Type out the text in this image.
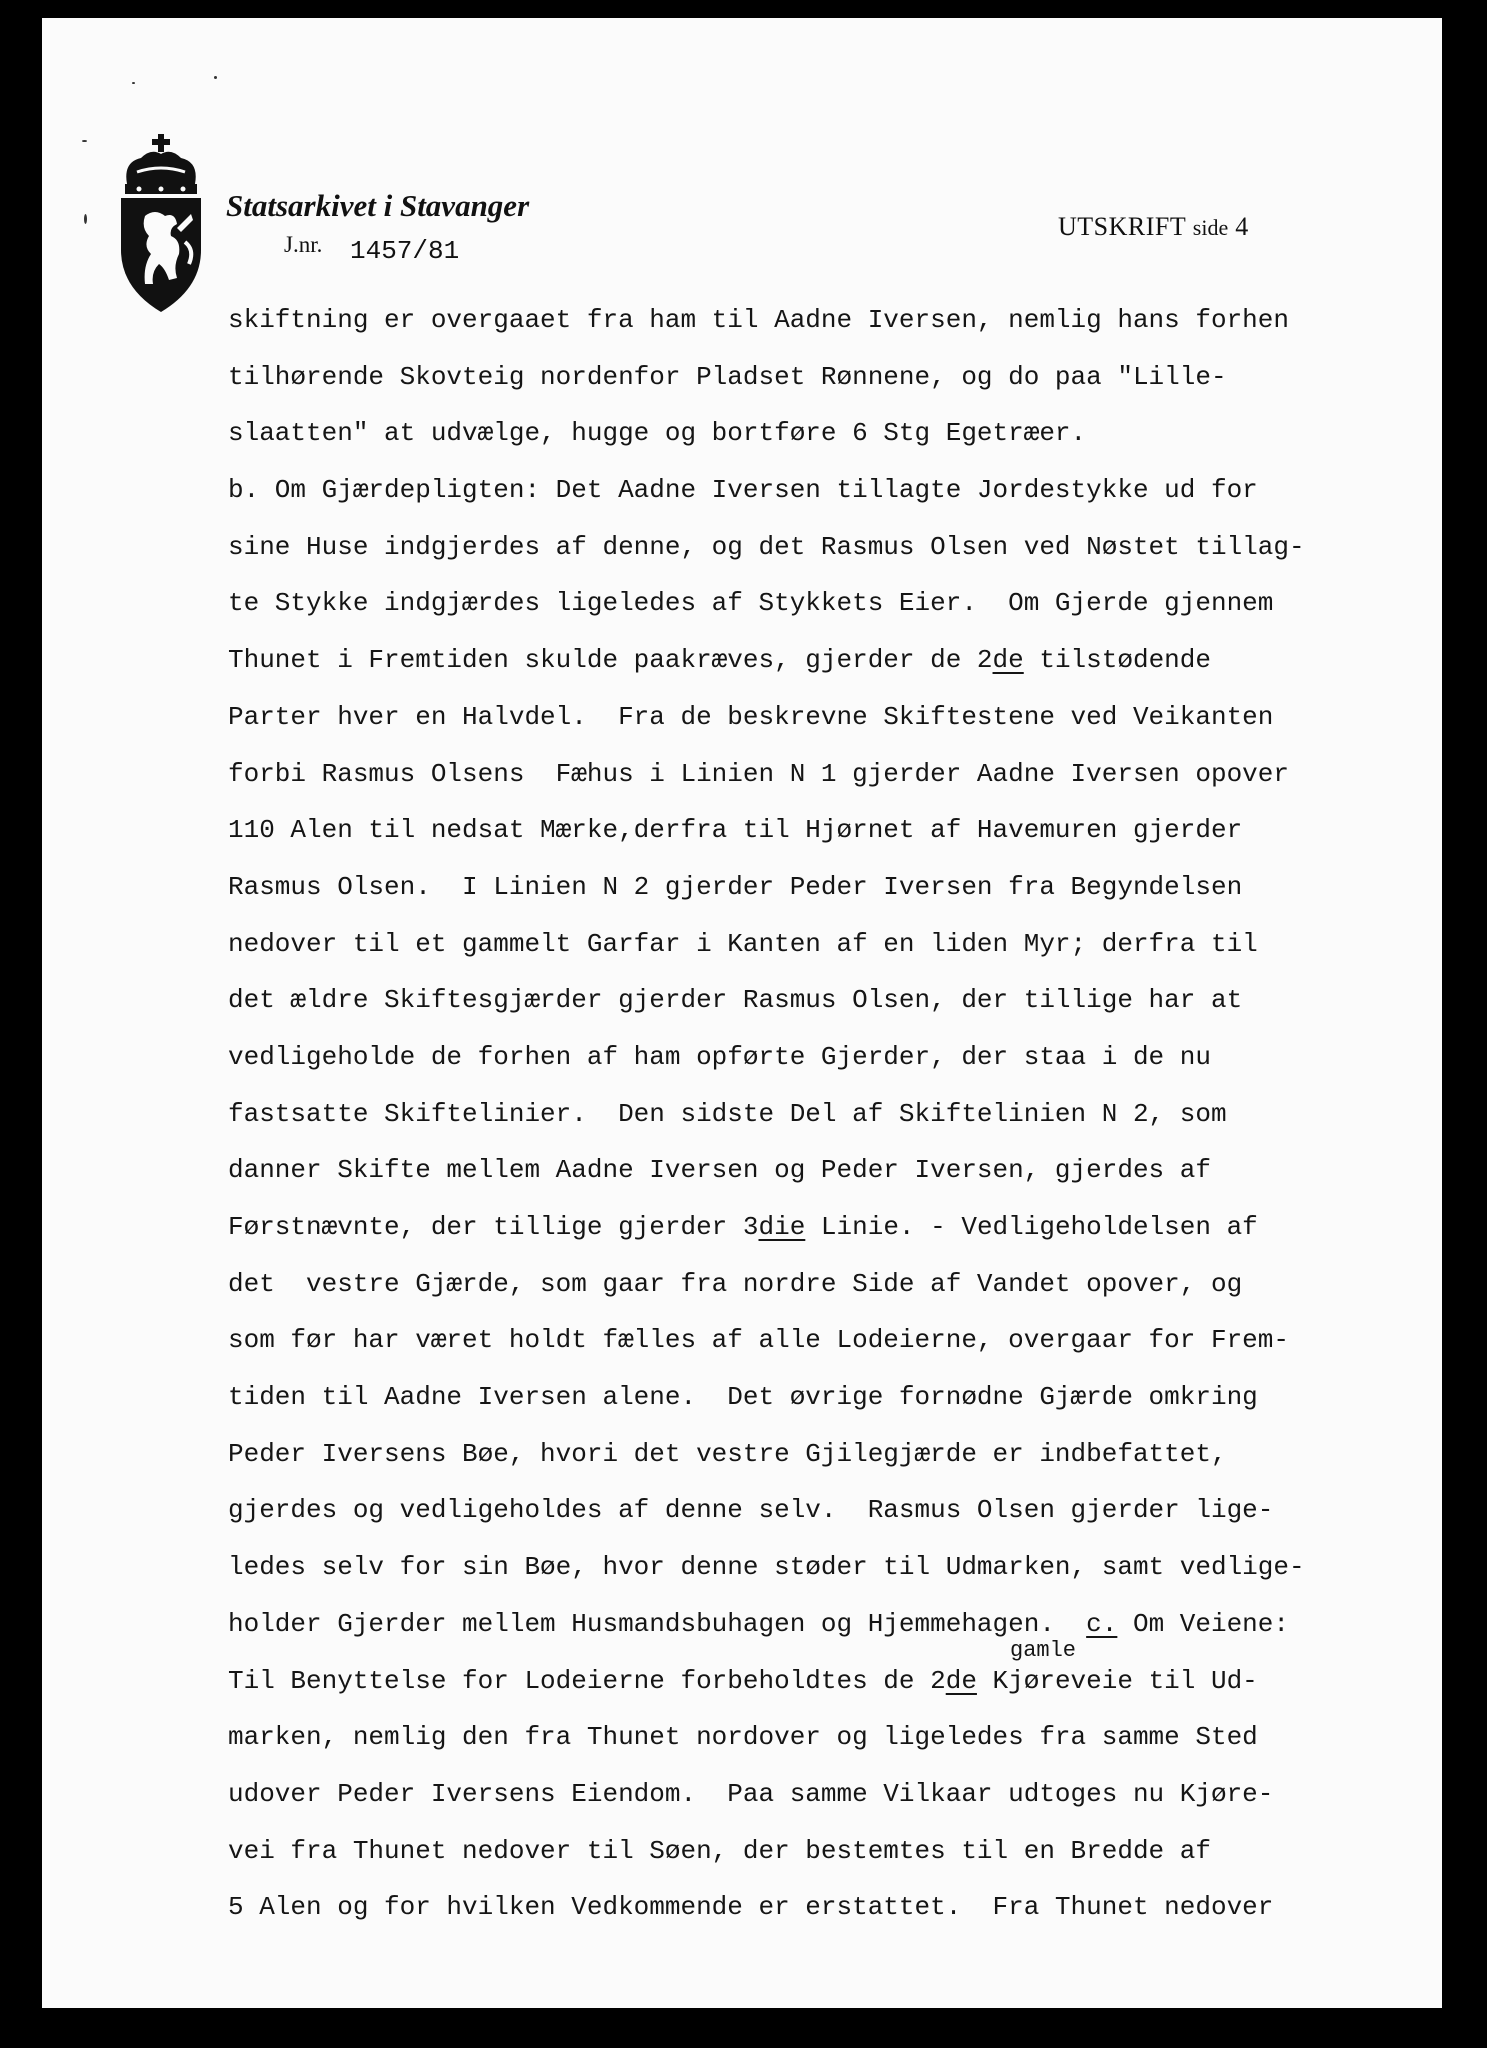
Statsarkivet i Stavanger
J.nr. 1457/81
UTSKRIFT side 4
skiftning er overgaaet fra ham til Aadne Iversen, nemlig hans forhen
tilhørende Skovteig nordenfor Pladset Rønnene, og do paa "Lille-
slaatten" at udvælge, hugge og bortføre 6 Stg Egetræer.
b. Om Gjærdepligten: Det Aadne Iversen tillagte Jordestykke ud for
sine Huse indgjerdes af denne, og det Rasmus Olsen ved Nøstet tillag-
te Stykke indgjærdes ligeledes af Stykkets Eier.  Om Gjerde gjennem
Thunet i Fremtiden skulde paakræves, gjerder de 2de tilstødende
Parter hver en Halvdel.  Fra de beskrevne Skiftestene ved Veikanten
forbi Rasmus Olsens  Fæhus i Linien N 1 gjerder Aadne Iversen opover
110 Alen til nedsat Mærke,derfra til Hjørnet af Havemuren gjerder
Rasmus Olsen.  I Linien N 2 gjerder Peder Iversen fra Begyndelsen
nedover til et gammelt Garfar i Kanten af en liden Myr; derfra til
det ældre Skiftesgjærder gjerder Rasmus Olsen, der tillige har at
vedligeholde de forhen af ham opførte Gjerder, der staa i de nu
fastsatte Skiftelinier.  Den sidste Del af Skiftelinien N 2, som
danner Skifte mellem Aadne Iversen og Peder Iversen, gjerdes af
Førstnævnte, der tillige gjerder 3die Linie. - Vedligeholdelsen af
det  vestre Gjærde, som gaar fra nordre Side af Vandet opover, og
som før har været holdt fælles af alle Lodeierne, overgaar for Frem-
tiden til Aadne Iversen alene.  Det øvrige fornødne Gjærde omkring
Peder Iversens Bøe, hvori det vestre Gjilegjærde er indbefattet,
gjerdes og vedligeholdes af denne selv.  Rasmus Olsen gjerder lige-
ledes selv for sin Bøe, hvor denne støder til Udmarken, samt vedlige-
holder Gjerder mellem Husmandsbuhagen og Hjemmehagen.  c. Om Veiene:
gamle
Til Benyttelse for Lodeierne forbeholdtes de 2de Kjøreveie til Ud-
marken, nemlig den fra Thunet nordover og ligeledes fra samme Sted
udover Peder Iversens Eiendom.  Paa samme Vilkaar udtoges nu Kjøre-
vei fra Thunet nedover til Søen, der bestemtes til en Bredde af
5 Alen og for hvilken Vedkommende er erstattet.  Fra Thunet nedover
